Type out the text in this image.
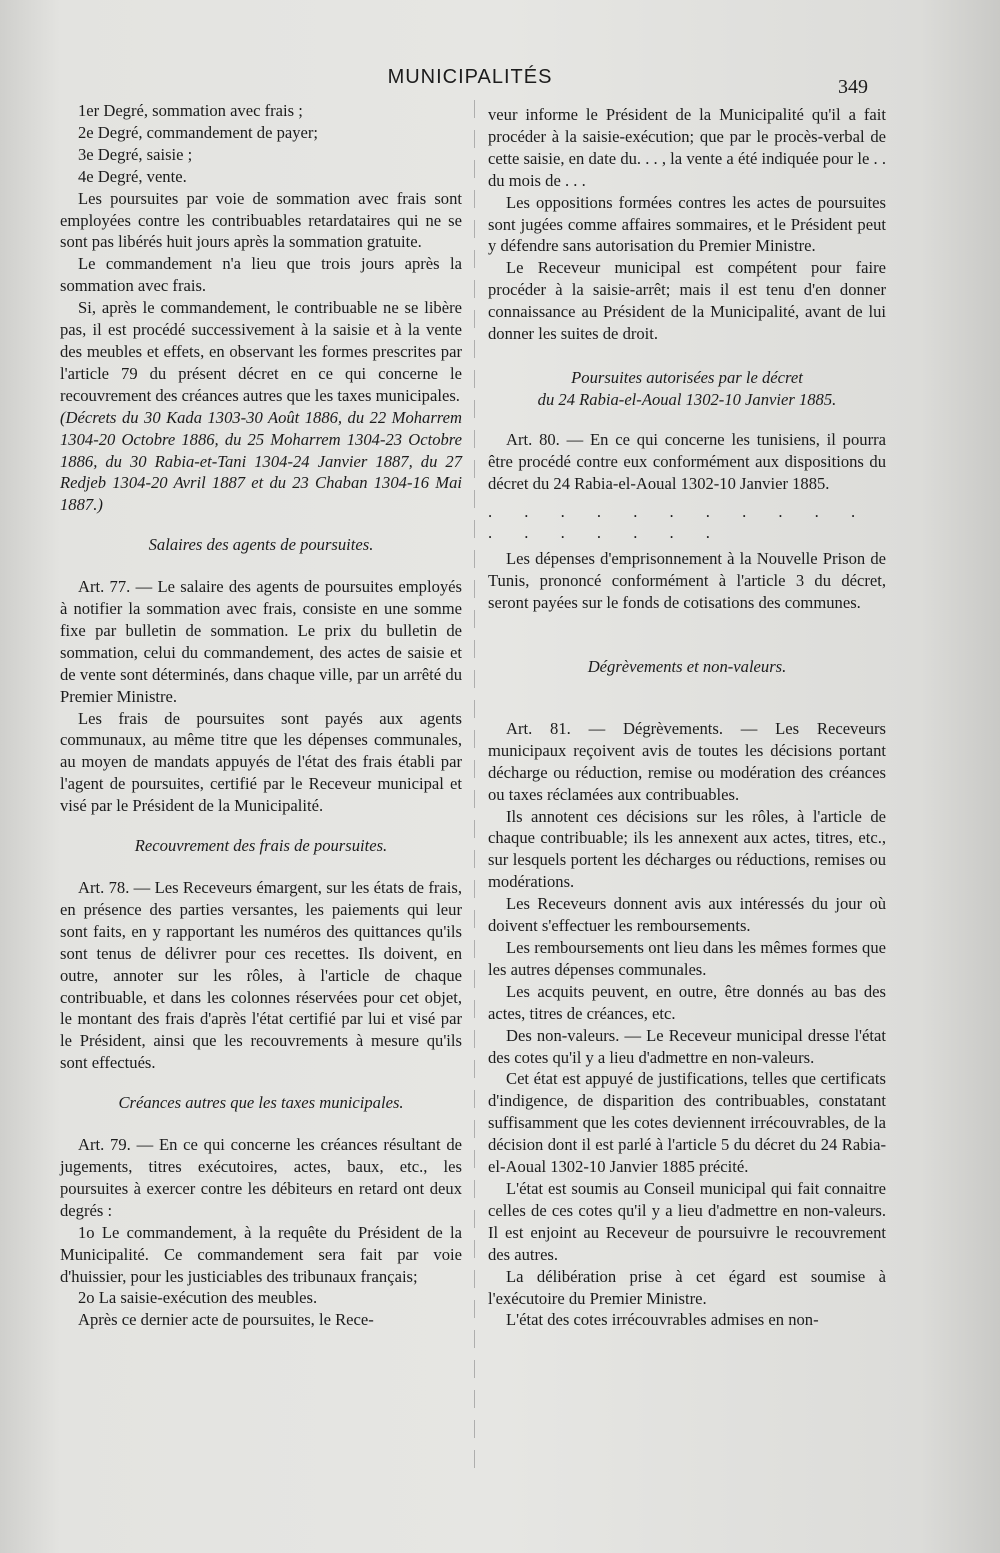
MUNICIPALITÉS	349

1er Degré, sommation avec frais ;

2e Degré, commandement de payer;

3e Degré, saisie ;

4e Degré, vente.

Les poursuites par voie de sommation avec frais sont employées contre les contribuables retardataires qui ne se sont pas libérés huit jours après la sommation gratuite.

Le commandement n'a lieu que trois jours après la sommation avec frais.

Si, après le commandement, le contribuable ne se libère pas, il est procédé successivement à la saisie et à la vente des meubles et effets, en observant les formes prescrites par l'article 79 du présent décret en ce qui concerne le recouvrement des créances autres que les taxes municipales.

(Décrets du 30 Kada 1303-30 Août 1886, du 22 Moharrem 1304-20 Octobre 1886, du 25 Moharrem 1304-23 Octobre 1886, du 30 Rabia-et-Tani 1304-24 Janvier 1887, du 27 Redjeb 1304-20 Avril 1887 et du 23 Chaban 1304-16 Mai 1887.)

Salaires des agents de poursuites.

Art. 77. — Le salaire des agents de poursuites employés à notifier la sommation avec frais, consiste en une somme fixe par bulletin de sommation. Le prix du bulletin de sommation, celui du commandement, des actes de saisie et de vente sont déterminés, dans chaque ville, par un arrêté du Premier Ministre.

Les frais de poursuites sont payés aux agents communaux, au même titre que les dépenses communales, au moyen de mandats appuyés de l'état des frais établi par l'agent de poursuites, certifié par le Receveur municipal et visé par le Président de la Municipalité.

Recouvrement des frais de poursuites.

Art. 78. — Les Receveurs émargent, sur les états de frais, en présence des parties versantes, les paiements qui leur sont faits, en y rapportant les numéros des quittances qu'ils sont tenus de délivrer pour ces recettes. Ils doivent, en outre, annoter sur les rôles, à l'article de chaque contribuable, et dans les colonnes réservées pour cet objet, le montant des frais d'après l'état certifié par lui et visé par le Président, ainsi que les recouvrements à mesure qu'ils sont effectués.

Créances autres que les taxes municipales.

Art. 79. — En ce qui concerne les créances résultant de jugements, titres exécutoires, actes, baux, etc., les poursuites à exercer contre les débiteurs en retard ont deux degrés :

1o Le commandement, à la requête du Président de la Municipalité. Ce commandement sera fait par voie d'huissier, pour les justiciables des tribunaux français;

2o La saisie-exécution des meubles.

Après ce dernier acte de poursuites, le Rece-

veur informe le Président de la Municipalité qu'il a fait procéder à la saisie-exécution; que par le procès-verbal de cette saisie, en date du. . . , la vente a été indiquée pour le . . du mois de . . .

Les oppositions formées contres les actes de poursuites sont jugées comme affaires sommaires, et le Président peut y défendre sans autorisation du Premier Ministre.

Le Receveur municipal est compétent pour faire procéder à la saisie-arrêt; mais il est tenu d'en donner connaissance au Président de la Municipalité, avant de lui donner les suites de droit.

Poursuites autorisées par le décret

du 24 Rabia-el-Aoual 1302-10 Janvier 1885.

Art. 80. — En ce qui concerne les tunisiens, il pourra être procédé contre eux conformément aux dispositions du décret du 24 Rabia-el-Aoual 1302-10 Janvier 1885.

. . . . . . . . . . . . . . . . . .

Les dépenses d'emprisonnement à la Nouvelle Prison de Tunis, prononcé conformément à l'article 3 du décret, seront payées sur le fonds de cotisations des communes.

Dégrèvements et non-valeurs.

Art. 81. — Dégrèvements. — Les Receveurs municipaux reçoivent avis de toutes les décisions portant décharge ou réduction, remise ou modération des créances ou taxes réclamées aux contribuables.

Ils annotent ces décisions sur les rôles, à l'article de chaque contribuable; ils les annexent aux actes, titres, etc., sur lesquels portent les décharges ou réductions, remises ou modérations.

Les Receveurs donnent avis aux intéressés du jour où doivent s'effectuer les remboursements.

Les remboursements ont lieu dans les mêmes formes que les autres dépenses communales.

Les acquits peuvent, en outre, être donnés au bas des actes, titres de créances, etc.

Des non-valeurs. — Le Receveur municipal dresse l'état des cotes qu'il y a lieu d'admettre en non-valeurs.

Cet état est appuyé de justifications, telles que certificats d'indigence, de disparition des contribuables, constatant suffisamment que les cotes deviennent irrécouvrables, de la décision dont il est parlé à l'article 5 du décret du 24 Rabia-el-Aoual 1302-10 Janvier 1885 précité.

L'état est soumis au Conseil municipal qui fait connaitre celles de ces cotes qu'il y a lieu d'admettre en non-valeurs. Il est enjoint au Receveur de poursuivre le recouvrement des autres.

La délibération prise à cet égard est soumise à l'exécutoire du Premier Ministre.

L'état des cotes irrécouvrables admises en non-
